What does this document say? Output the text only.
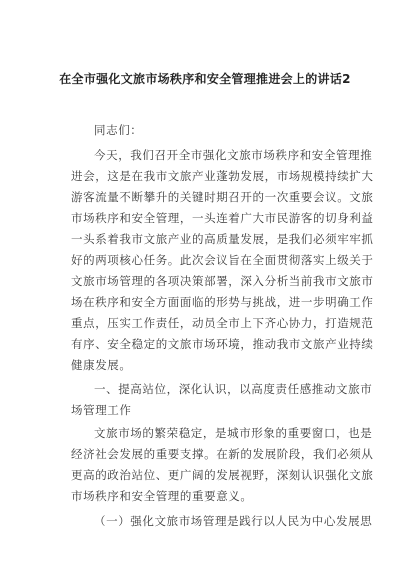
在全市强化文旅市场秩序和安全管理推进会上的讲话2
同志们：
今天，我们召开全市强化文旅市场秩序和安全管理推
进会，这是在我市文旅产业蓬勃发展，市场规模持续扩大
游客流量不断攀升的关键时期召开的一次重要会议。文旅
市场秩序和安全管理，一头连着广大市民游客的切身利益
一头系着我市文旅产业的高质量发展，是我们必须牢牢抓
好的两项核心任务。此次会议旨在全面贯彻落实上级关于
文旅市场管理的各项决策部署，深入分析当前我市文旅市
场在秩序和安全方面面临的形势与挑战，进一步明确工作
重点，压实工作责任，动员全市上下齐心协力，打造规范
有序、安全稳定的文旅市场环境，推动我市文旅产业持续
健康发展。
一、提高站位，深化认识，以高度责任感推动文旅市
场管理工作
文旅市场的繁荣稳定，是城市形象的重要窗口，也是
经济社会发展的重要支撑。在新的发展阶段，我们必须从
更高的政治站位、更广阔的发展视野，深刻认识强化文旅
市场秩序和安全管理的重要意义。
（一）强化文旅市场管理是践行以人民为中心发展思
